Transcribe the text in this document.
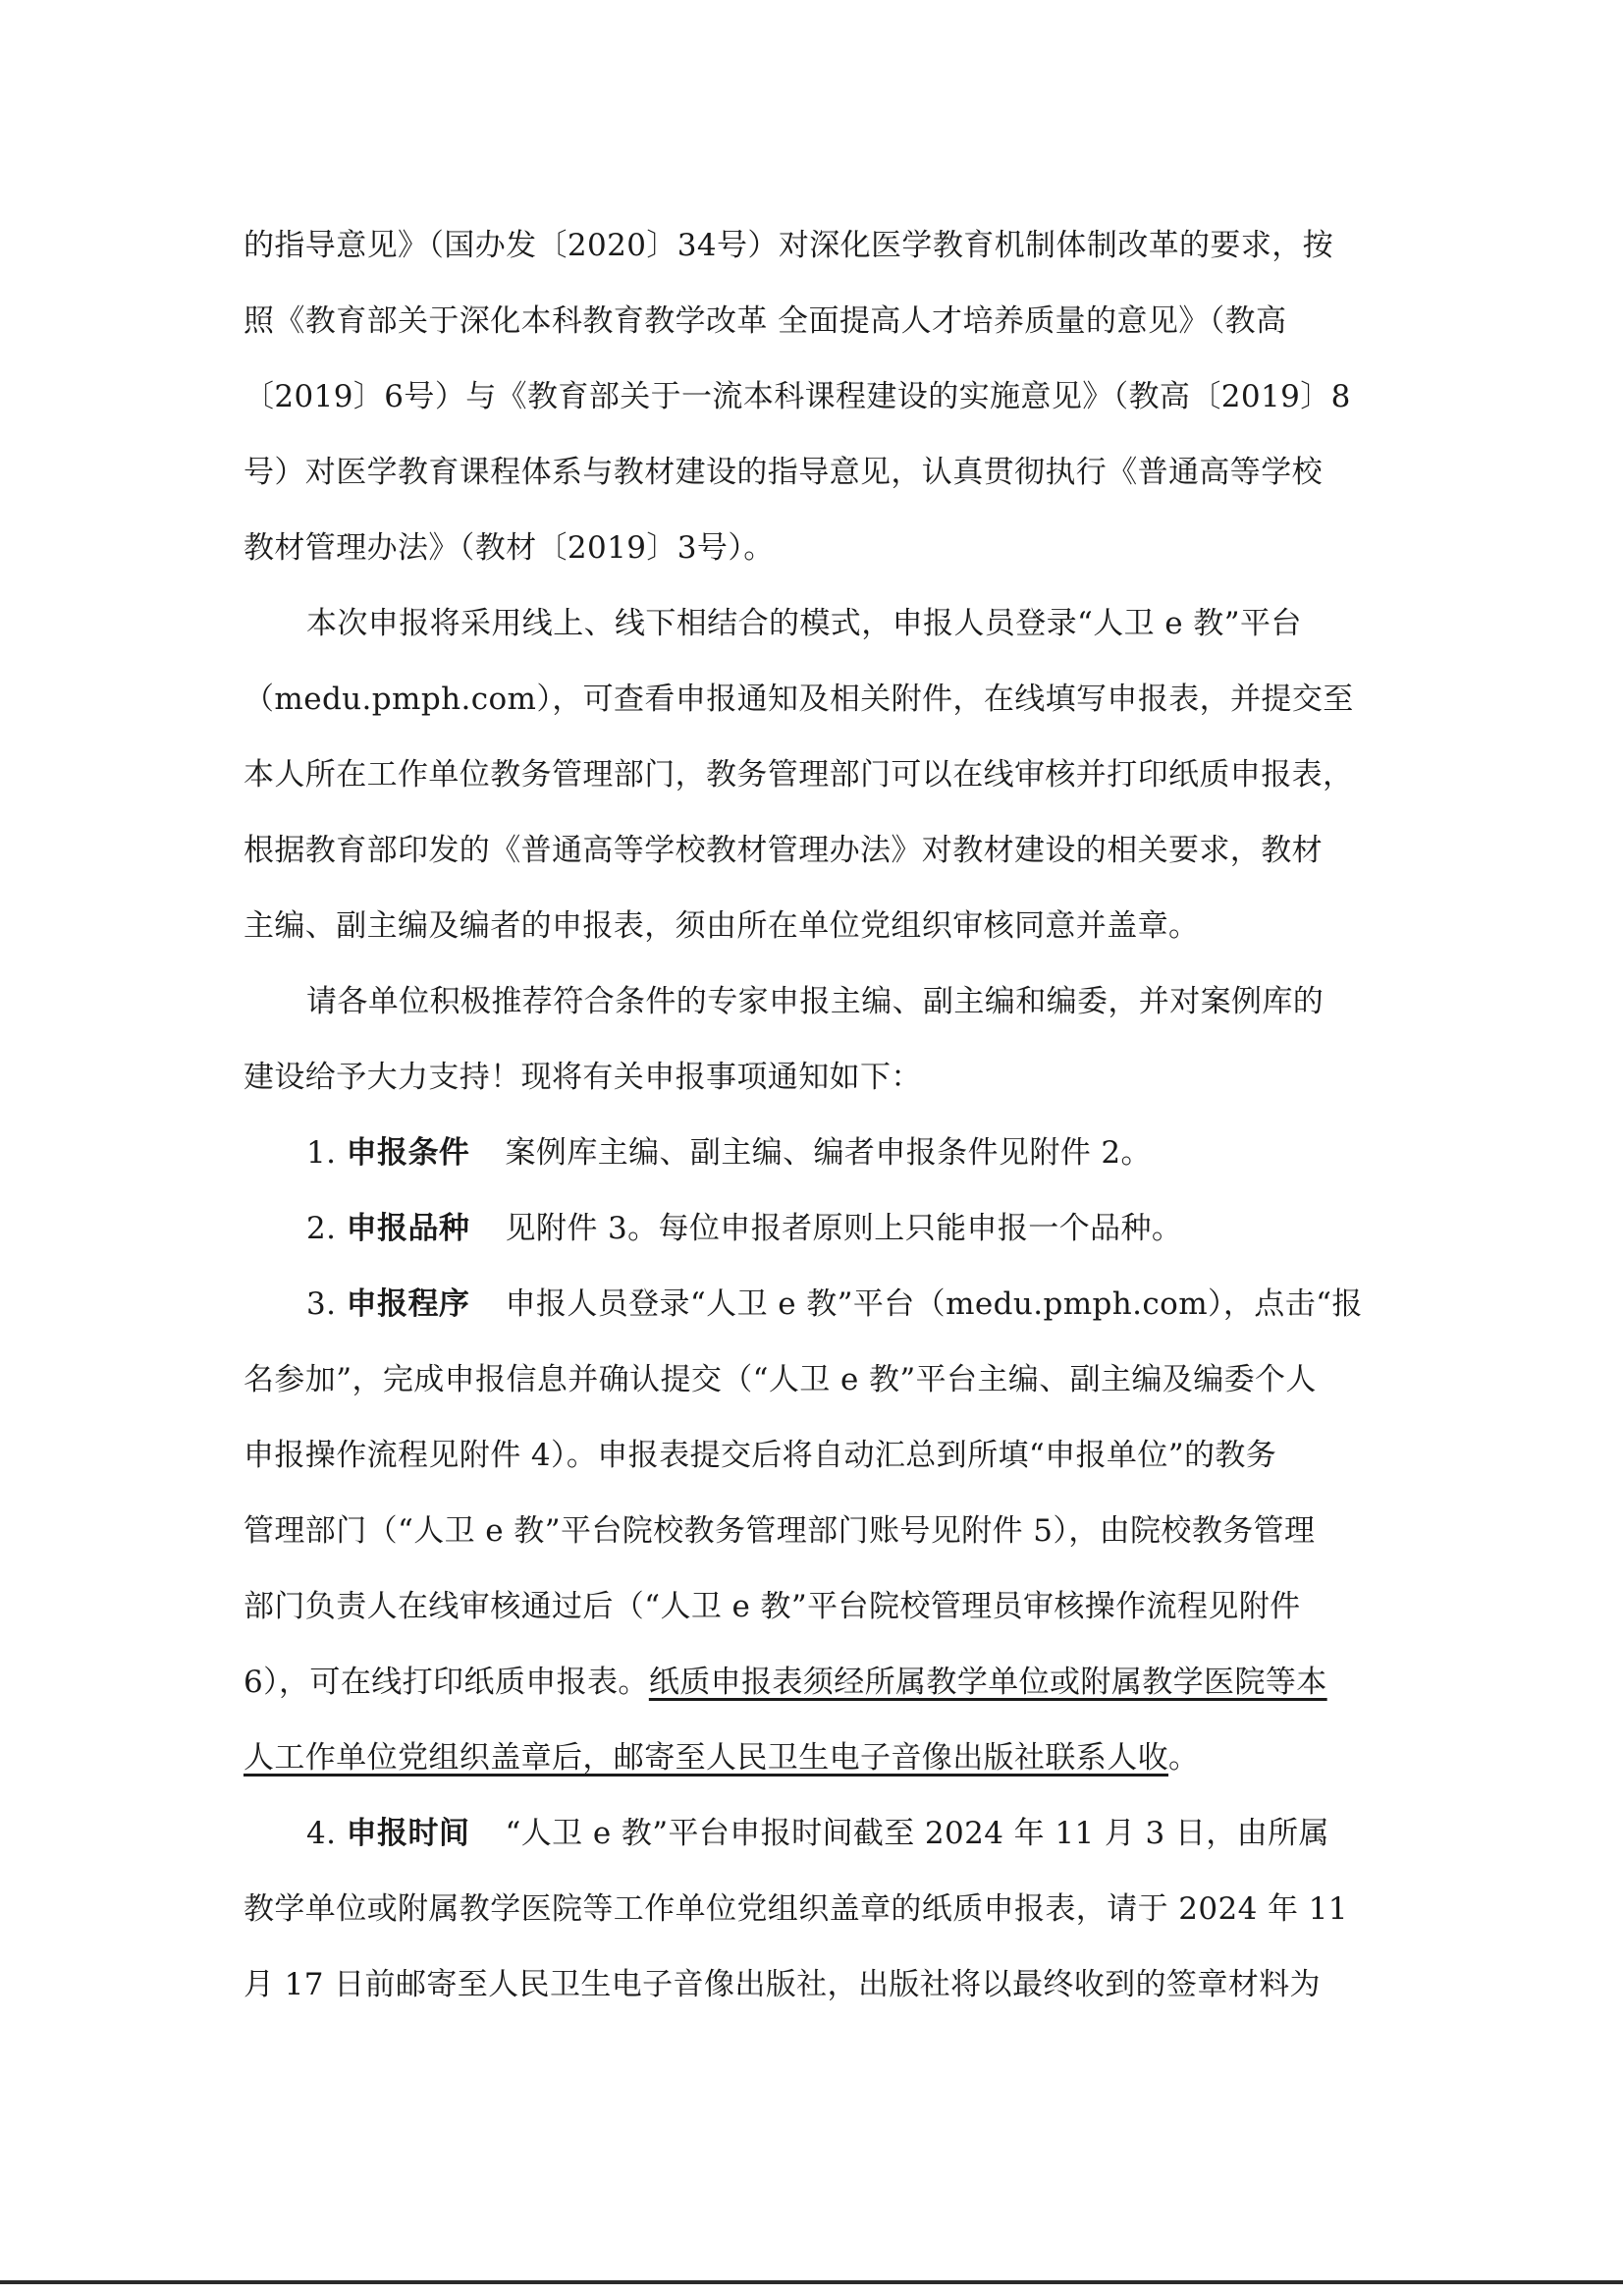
的指导意见》（国办发〔2020〕34号）对深化医学教育机制体制改革的要求，按
照《教育部关于深化本科教育教学改革 全面提高人才培养质量的意见》（教高
〔2019〕6号）与《教育部关于一流本科课程建设的实施意见》（教高〔2019〕8
号）对医学教育课程体系与教材建设的指导意见，认真贯彻执行《普通高等学校
教材管理办法》（教材〔2019〕3号）。
本次申报将采用线上、线下相结合的模式，申报人员登录“人卫 e 教”平台
（medu.pmph.com），可查看申报通知及相关附件，在线填写申报表，并提交至
本人所在工作单位教务管理部门，教务管理部门可以在线审核并打印纸质申报表，
根据教育部印发的《普通高等学校教材管理办法》对教材建设的相关要求，教材
主编、副主编及编者的申报表，须由所在单位党组织审核同意并盖章。
请各单位积极推荐符合条件的专家申报主编、副主编和编委，并对案例库的
建设给予大力支持！现将有关申报事项通知如下：
1. 申报条件 案例库主编、副主编、编者申报条件见附件 2。
2. 申报品种 见附件 3。每位申报者原则上只能申报一个品种。
3. 申报程序 申报人员登录“人卫 e 教”平台（medu.pmph.com），点击“报
名参加”，完成申报信息并确认提交（“人卫 e 教”平台主编、副主编及编委个人
申报操作流程见附件 4）。申报表提交后将自动汇总到所填“申报单位”的教务
管理部门（“人卫 e 教”平台院校教务管理部门账号见附件 5），由院校教务管理
部门负责人在线审核通过后（“人卫 e 教”平台院校管理员审核操作流程见附件
6），可在线打印纸质申报表。纸质申报表须经所属教学单位或附属教学医院等本
人工作单位党组织盖章后，邮寄至人民卫生电子音像出版社联系人收。
4. 申报时间 “人卫 e 教”平台申报时间截至 2024 年 11 月 3 日，由所属
教学单位或附属教学医院等工作单位党组织盖章的纸质申报表，请于 2024 年 11
月 17 日前邮寄至人民卫生电子音像出版社，出版社将以最终收到的签章材料为
